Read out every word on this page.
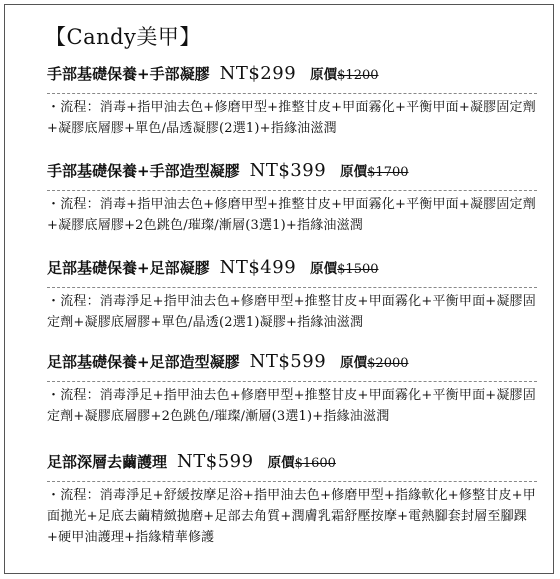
【Candy美甲】
手部基礎保養+手部凝膠 NT$299 原價$1200
・流程：消毒+指甲油去色+修磨甲型+推整甘皮+甲面霧化+平衡甲面+凝膠固定劑+凝膠底層膠+單色/晶透凝膠(2選1)+指緣油滋潤
手部基礎保養+手部造型凝膠 NT$399 原價$1700
・流程：消毒+指甲油去色+修磨甲型+推整甘皮+甲面霧化+平衡甲面+凝膠固定劑+凝膠底層膠+2色跳色/璀璨/漸層(3選1)+指緣油滋潤
足部基礎保養+足部凝膠 NT$499 原價$1500
・流程：消毒淨足+指甲油去色+修磨甲型+推整甘皮+甲面霧化+平衡甲面+凝膠固定劑+凝膠底層膠+單色/晶透(2選1)凝膠+指緣油滋潤
足部基礎保養+足部造型凝膠 NT$599 原價$2000
・流程：消毒淨足+指甲油去色+修磨甲型+推整甘皮+甲面霧化+平衡甲面+凝膠固定劑+凝膠底層膠+2色跳色/璀璨/漸層(3選1)+指緣油滋潤
足部深層去繭護理 NT$599 原價$1600
・流程：消毒淨足+舒緩按摩足浴+指甲油去色+修磨甲型+指緣軟化+修整甘皮+甲面拋光+足底去繭精緻拋磨+足部去角質+潤膚乳霜舒壓按摩+電熱腳套封層至腳踝+硬甲油護理+指緣精華修護
